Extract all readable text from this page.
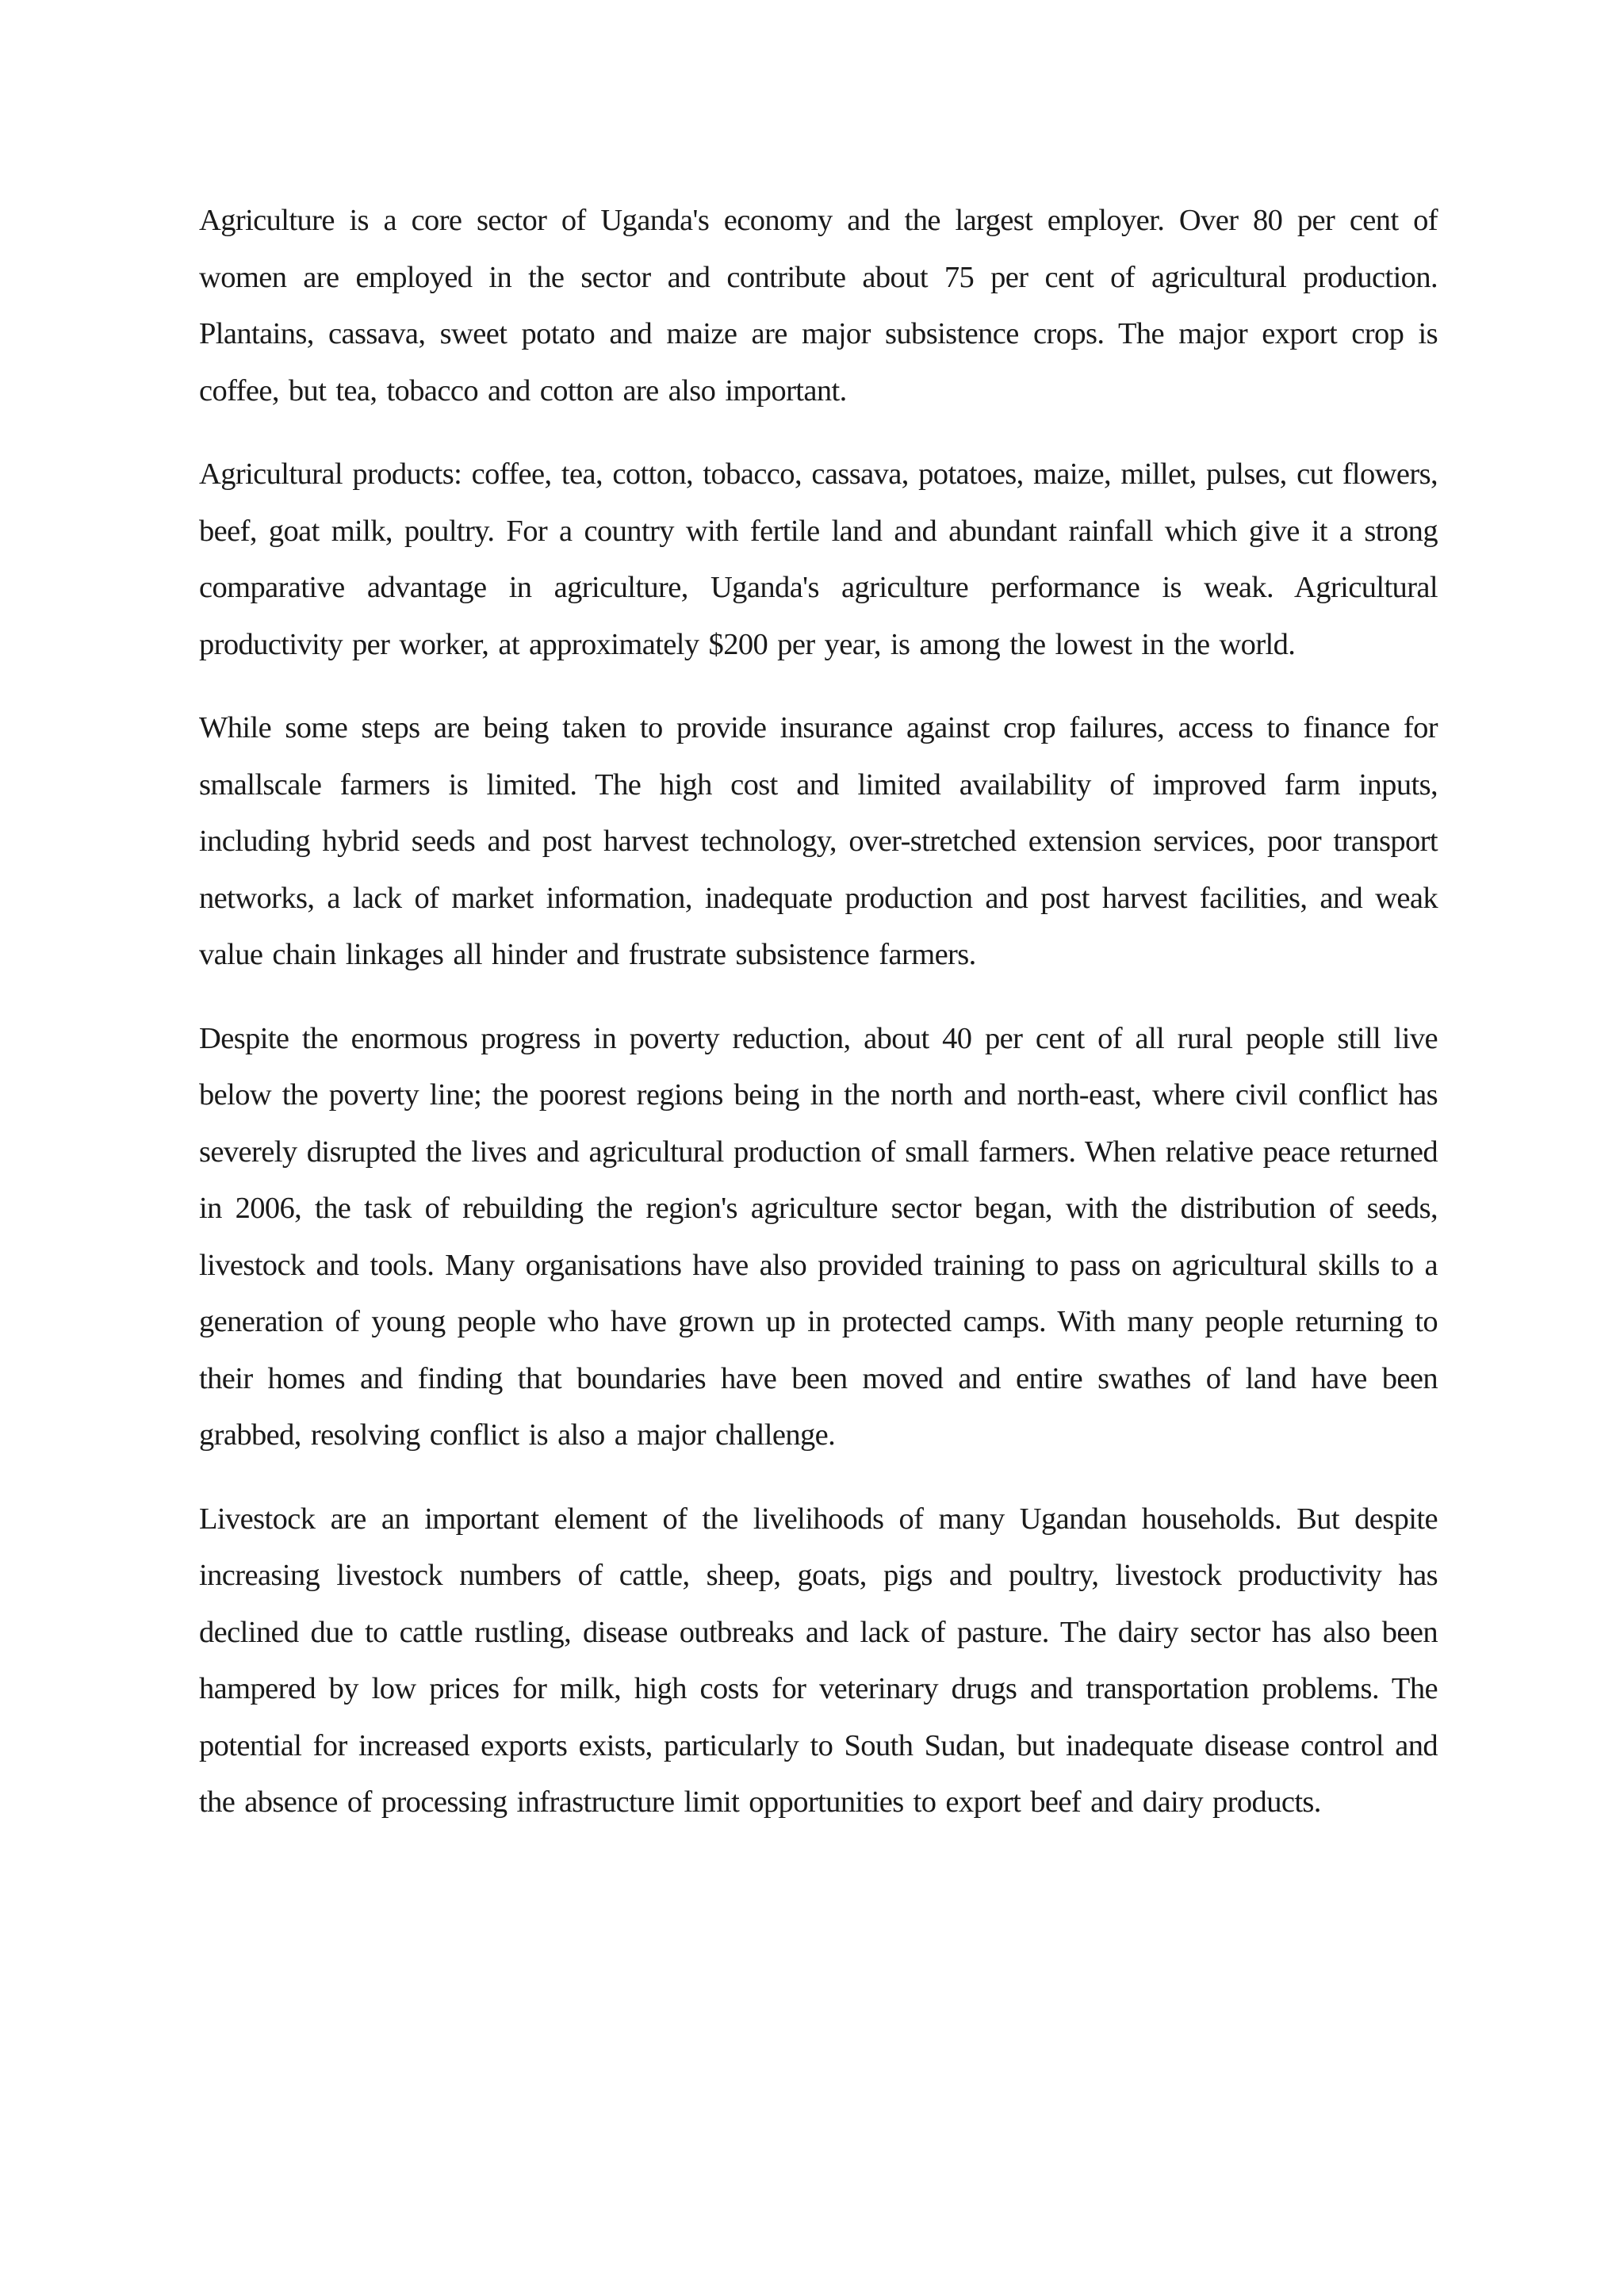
Agriculture is a core sector of Uganda's economy and the largest employer. Over 80 per cent of women are employed in the sector and contribute about 75 per cent of agricultural production. Plantains, cassava, sweet potato and maize are major subsistence crops. The major export crop is coffee, but tea, tobacco and cotton are also important.

Agricultural products: coffee, tea, cotton, tobacco, cassava, potatoes, maize, millet, pulses, cut flowers, beef, goat milk, poultry. For a country with fertile land and abundant rainfall which give it a strong comparative advantage in agriculture, Uganda's agriculture performance is weak. Agricultural productivity per worker, at approximately $200 per year, is among the lowest in the world.

While some steps are being taken to provide insurance against crop failures, access to finance for smallscale farmers is limited. The high cost and limited availability of improved farm inputs, including hybrid seeds and post harvest technology, over-stretched extension services, poor transport networks, a lack of market information, inadequate production and post harvest facilities, and weak value chain linkages all hinder and frustrate subsistence farmers.

Despite the enormous progress in poverty reduction, about 40 per cent of all rural people still live below the poverty line; the poorest regions being in the north and north-east, where civil conflict has severely disrupted the lives and agricultural production of small farmers. When relative peace returned in 2006, the task of rebuilding the region's agriculture sector began, with the distribution of seeds, livestock and tools. Many organisations have also provided training to pass on agricultural skills to a generation of young people who have grown up in protected camps. With many people returning to their homes and finding that boundaries have been moved and entire swathes of land have been grabbed, resolving conflict is also a major challenge.

Livestock are an important element of the livelihoods of many Ugandan households. But despite increasing livestock numbers of cattle, sheep, goats, pigs and poultry, livestock productivity has declined due to cattle rustling, disease outbreaks and lack of pasture. The dairy sector has also been hampered by low prices for milk, high costs for veterinary drugs and transportation problems. The potential for increased exports exists, particularly to South Sudan, but inadequate disease control and the absence of processing infrastructure limit opportunities to export beef and dairy products.
